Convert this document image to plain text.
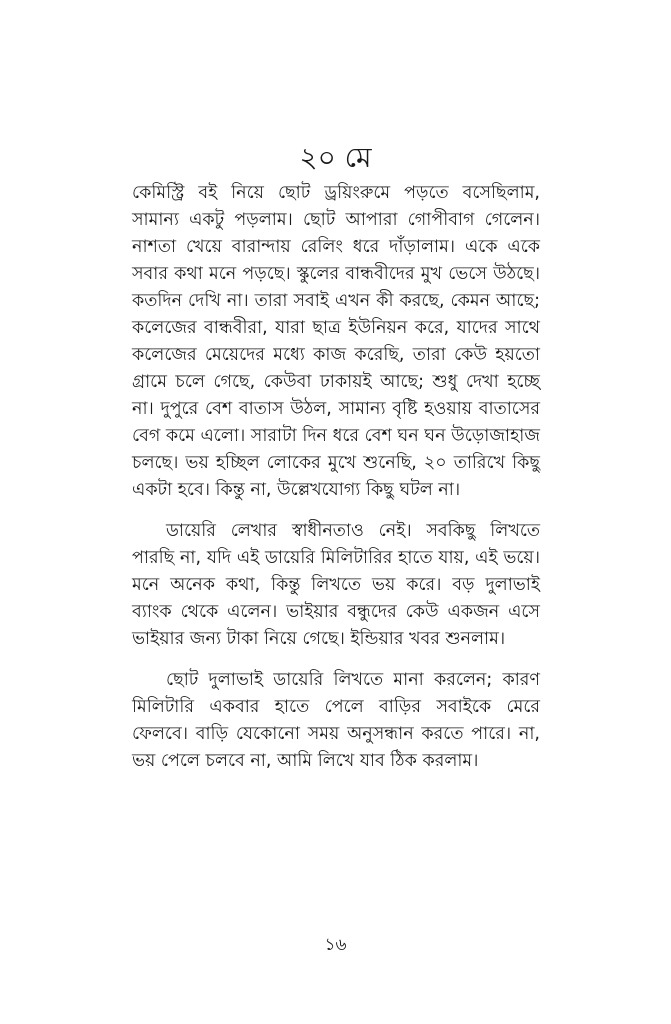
২০ মে

কেমিস্ট্রি বই নিয়ে ছোট ড্রয়িংরুমে পড়তে বসেছিলাম, সামান্য একটু পড়লাম। ছোট আপারা গোপীবাগ গেলেন। নাশতা খেয়ে বারান্দায় রেলিং ধরে দাঁড়ালাম। একে একে সবার কথা মনে পড়ছে। স্কুলের বান্ধবীদের মুখ ভেসে উঠছে। কতদিন দেখি না। তারা সবাই এখন কী করছে, কেমন আছে; কলেজের বান্ধবীরা, যারা ছাত্র ইউনিয়ন করে, যাদের সাথে কলেজের মেয়েদের মধ্যে কাজ করেছি, তারা কেউ হয়তো গ্রামে চলে গেছে, কেউবা ঢাকায়ই আছে; শুধু দেখা হচ্ছে না। দুপুরে বেশ বাতাস উঠল, সামান্য বৃষ্টি হওয়ায় বাতাসের বেগ কমে এলো। সারাটা দিন ধরে বেশ ঘন ঘন উড়োজাহাজ চলছে। ভয় হচ্ছিল লোকের মুখে শুনেছি, ২০ তারিখে কিছু একটা হবে। কিন্তু না, উল্লেখযোগ্য কিছু ঘটল না।

ডায়েরি লেখার স্বাধীনতাও নেই। সবকিছু লিখতে পারছি না, যদি এই ডায়েরি মিলিটারির হাতে যায়, এই ভয়ে। মনে অনেক কথা, কিন্তু লিখতে ভয় করে। বড় দুলাভাই ব্যাংক থেকে এলেন। ভাইয়ার বন্ধুদের কেউ একজন এসে ভাইয়ার জন্য টাকা নিয়ে গেছে। ইন্ডিয়ার খবর শুনলাম।

ছোট দুলাভাই ডায়েরি লিখতে মানা করলেন; কারণ মিলিটারি একবার হাতে পেলে বাড়ির সবাইকে মেরে ফেলবে। বাড়ি যেকোনো সময় অনুসন্ধান করতে পারে। না, ভয় পেলে চলবে না, আমি লিখে যাব ঠিক করলাম।

১৬
